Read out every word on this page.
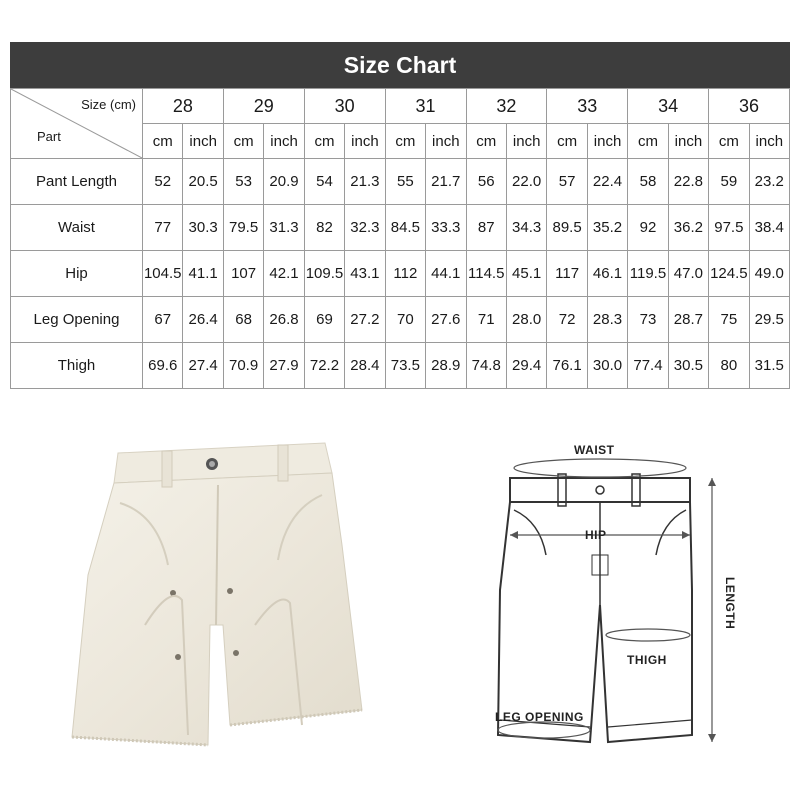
Size Chart
Size (cm)
Part	28		29		30		31		32		33		34		36	
	cm	inch	cm	inch	cm	inch	cm	inch	cm	inch	cm	inch	cm	inch	cm	inch
Pant Length	52	20.5	53	20.9	54	21.3	55	21.7	56	22.0	57	22.4	58	22.8	59	23.2
Waist	77	30.3	79.5	31.3	82	32.3	84.5	33.3	87	34.3	89.5	35.2	92	36.2	97.5	38.4
Hip	104.5	41.1	107	42.1	109.5	43.1	112	44.1	114.5	45.1	117	46.1	119.5	47.0	124.5	49.0
Leg Opening	67	26.4	68	26.8	69	27.2	70	27.6	71	28.0	72	28.3	73	28.7	75	29.5
Thigh	69.6	27.4	70.9	27.9	72.2	28.4	73.5	28.9	74.8	29.4	76.1	30.0	77.4	30.5	80	31.5
WAIST
HIP
THIGH
LEG OPENING
LENGTH
